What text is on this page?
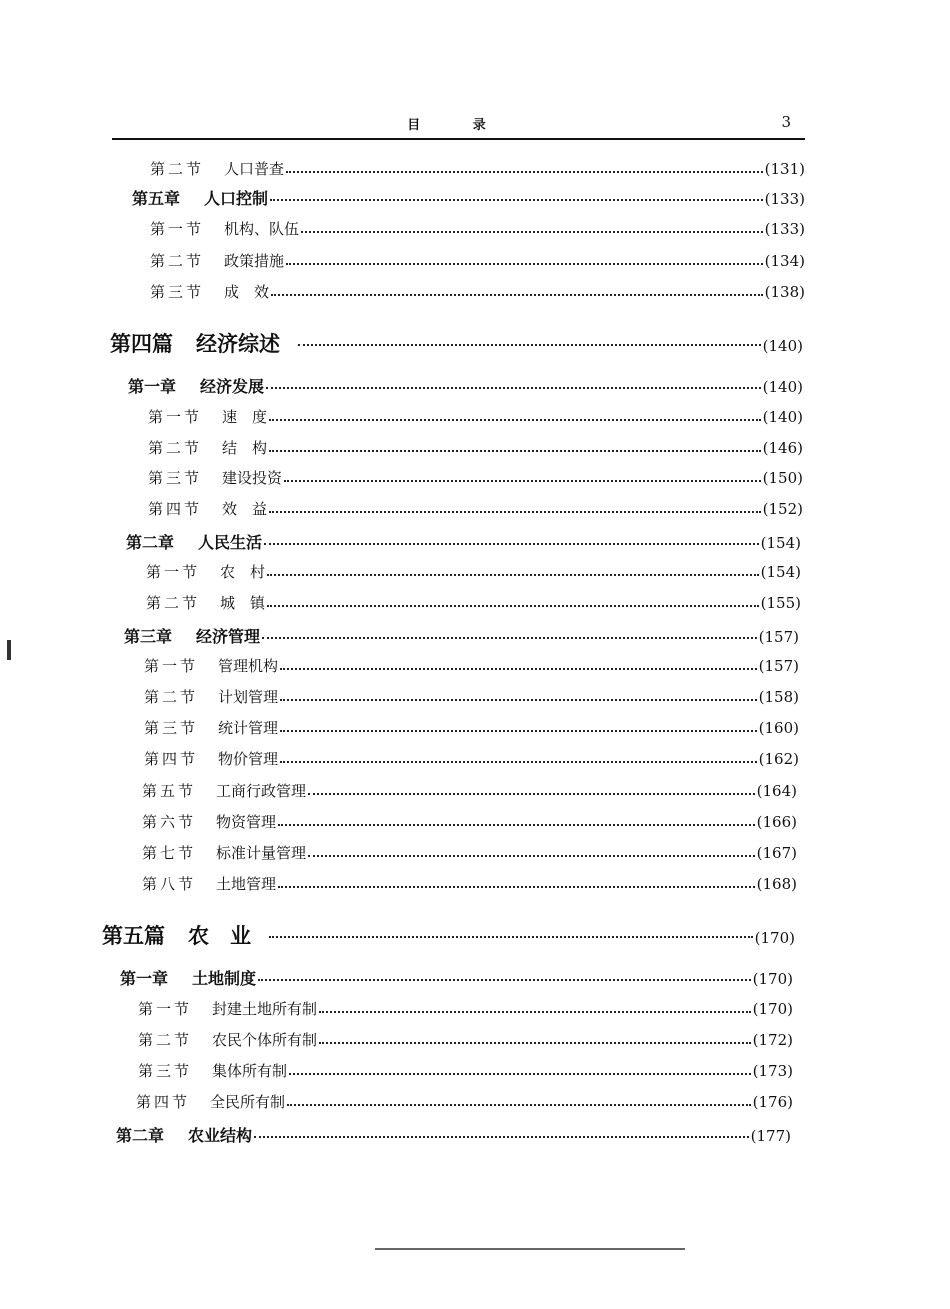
目 录	3
第二节 人口普查	(131)
第五章 人口控制	(133)
第一节 机构、队伍	(133)
第二节 政策措施	(134)
第三节 成　效	(138)
第四篇 经济综述	(140)
第一章 经济发展	(140)
第一节 速　度	(140)
第二节 结　构	(146)
第三节 建设投资	(150)
第四节 效　益	(152)
第二章 人民生活	(154)
第一节 农　村	(154)
第二节 城　镇	(155)
第三章 经济管理	(157)
第一节 管理机构	(157)
第二节 计划管理	(158)
第三节 统计管理	(160)
第四节 物价管理	(162)
第五节 工商行政管理	(164)
第六节 物资管理	(166)
第七节 标准计量管理	(167)
第八节 土地管理	(168)
第五篇 农　业	(170)
第一章 土地制度	(170)
第一节 封建土地所有制	(170)
第二节 农民个体所有制	(172)
第三节 集体所有制	(173)
第四节 全民所有制	(176)
第二章 农业结构	(177)
